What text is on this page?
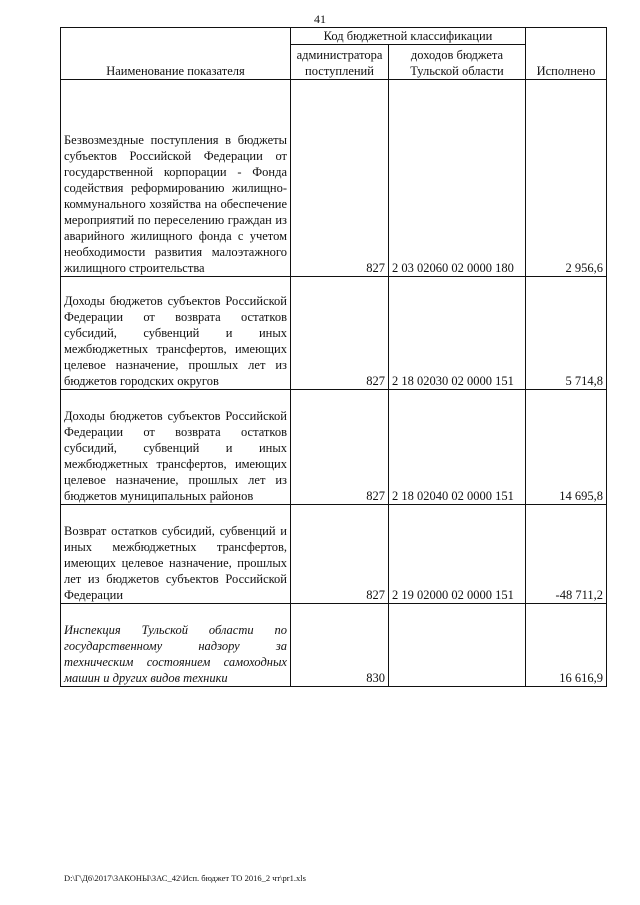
41
Наименование показателя	Код бюджетной классификации		Исполнено
	администратора поступлений	доходов бюджета Тульской области	
Безвозмездные поступления в бюджеты субъектов Российской Федерации от государственной корпорации - Фонда содействия реформированию жилищно-коммунального хозяйства на обеспечение мероприятий по переселению граждан из аварийного жилищного фонда с учетом необходимости развития малоэтажного жилищного строительства	827	2 03 02060 02 0000 180	2 956,6
Доходы бюджетов субъектов Российской Федерации от возврата остатков субсидий, субвенций и иных межбюджетных трансфертов, имеющих целевое назначение, прошлых лет из бюджетов городских округов	827	2 18 02030 02 0000 151	5 714,8
Доходы бюджетов субъектов Российской Федерации от возврата остатков субсидий, субвенций и иных межбюджетных трансфертов, имеющих целевое назначение, прошлых лет из бюджетов муниципальных районов	827	2 18 02040 02 0000 151	14 695,8
Возврат остатков субсидий, субвенций и иных межбюджетных трансфертов, имеющих целевое назначение, прошлых лет из бюджетов субъектов Российской Федерации	827	2 19 02000 02 0000 151	-48 711,2
Инспекция Тульской области по государственному надзору за техническим состоянием самоходных машин и других видов техники	830		16 616,9
D:\Г\Д6\2017\ЗАКОНЫ\ЗАС_42\Исп. бюджет ТО 2016_2 чт\pr1.xls
